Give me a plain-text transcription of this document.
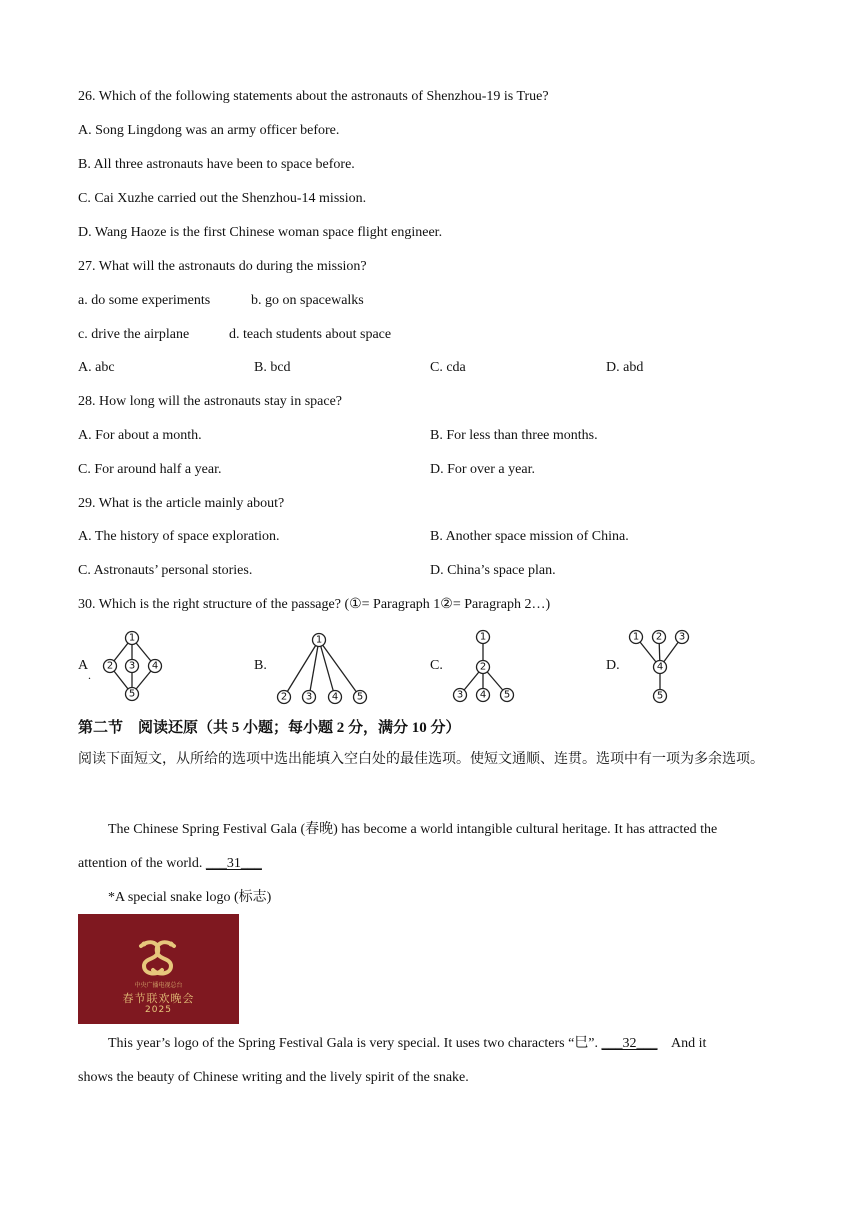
26. Which of the following statements about the astronauts of Shenzhou-19 is True?
A. Song Lingdong was an army officer before.
B. All three astronauts have been to space before.
C. Cai Xuzhe carried out the Shenzhou-14 mission.
D. Wang Haoze is the first Chinese woman space flight engineer.
27. What will the astronauts do during the mission?
a. do some experiments	b. go on spacewalks
c. drive the airplane	d. teach students about space
A. abc	B. bcd	C. cda	D. abd
28. How long will the astronauts stay in space?
A. For about a month.	B. For less than three months.
C. For around half a year.	D. For over a year.
29. What is the article mainly about?
A. The history of space exploration.	B. Another space mission of China.
C. Astronauts’ personal stories.	D. China’s space plan.
30. Which is the right structure of the passage? (①= Paragraph 1②= Paragraph 2…)
A
.
B.	C.	D.
1
2 3 4
5
1
2 3 4 5
1
2
3 4 5
1 2 3
4
5
第二节　阅读还原（共 5 小题；每小题 2 分，满分 10 分）
阅读下面短文，从所给的选项中选出能填入空白处的最佳选项。使短文通顺、连贯。选项中有一项为多余选项。
The Chinese Spring Festival Gala (春晚) has become a world intangible cultural heritage. It has attracted the
attention of the world. ___31___
*A special snake logo (标志)
中央广播电视总台
春节联欢晚会
2025
This year’s logo of the Spring Festival Gala is very special. It uses two characters “巳”. ___32___ And it
shows the beauty of Chinese writing and the lively spirit of the snake.
